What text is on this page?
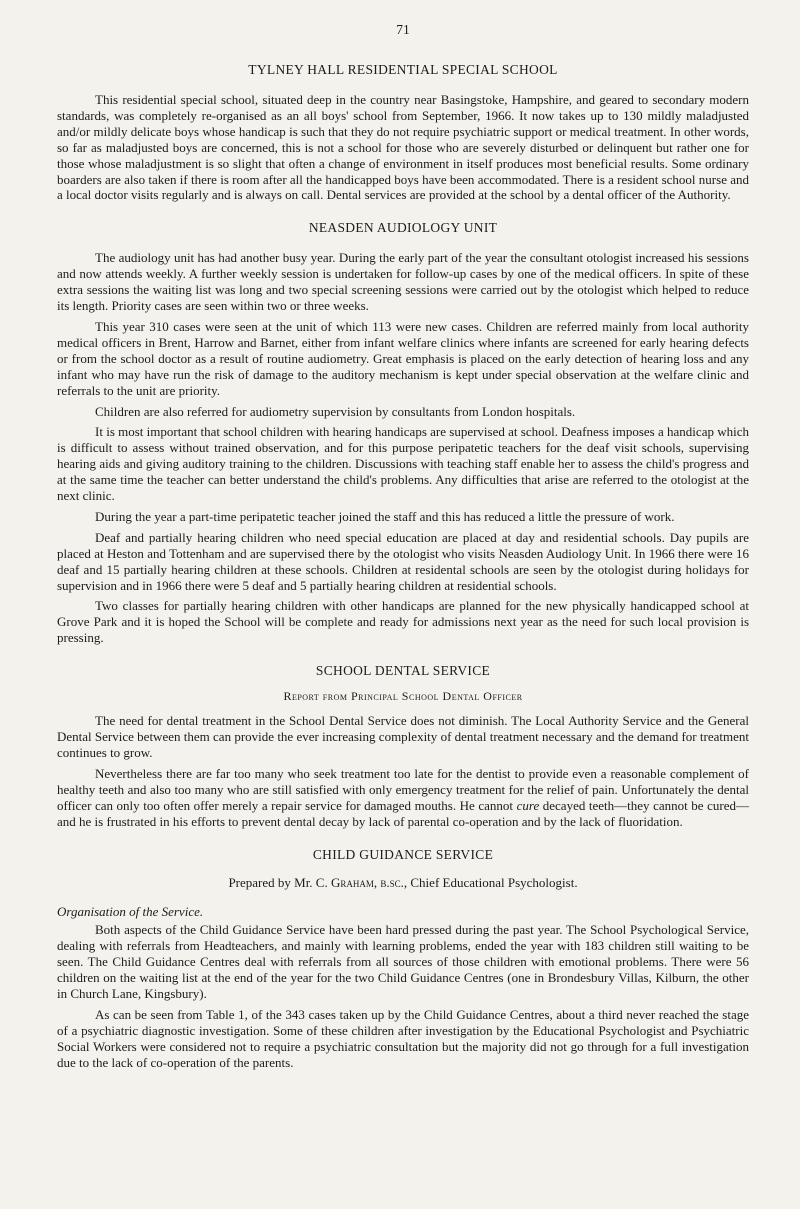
71
TYLNEY HALL RESIDENTIAL SPECIAL SCHOOL

This residential special school, situated deep in the country near Basingstoke, Hampshire, and geared to secondary modern standards, was completely re-organised as an all boys' school from September, 1966. It now takes up to 130 mildly maladjusted and/or mildly delicate boys whose handicap is such that they do not require psychiatric support or medical treatment. In other words, so far as maladjusted boys are concerned, this is not a school for those who are severely disturbed or delinquent but rather one for those whose maladjustment is so slight that often a change of environment in itself produces most beneficial results. Some ordinary boarders are also taken if there is room after all the handicapped boys have been accommodated. There is a resident school nurse and a local doctor visits regularly and is always on call. Dental services are provided at the school by a dental officer of the Authority.

NEASDEN AUDIOLOGY UNIT

The audiology unit has had another busy year. During the early part of the year the consultant otologist increased his sessions and now attends weekly. A further weekly session is undertaken for follow-up cases by one of the medical officers. In spite of these extra sessions the waiting list was long and two special screening sessions were carried out by the otologist which helped to reduce its length. Priority cases are seen within two or three weeks.

This year 310 cases were seen at the unit of which 113 were new cases. Children are referred mainly from local authority medical officers in Brent, Harrow and Barnet, either from infant welfare clinics where infants are screened for early hearing defects or from the school doctor as a result of routine audiometry. Great emphasis is placed on the early detection of hearing loss and any infant who may have run the risk of damage to the auditory mechanism is kept under special observation at the welfare clinic and referrals to the unit are priority.

Children are also referred for audiometry supervision by consultants from London hospitals.

It is most important that school children with hearing handicaps are supervised at school. Deafness imposes a handicap which is difficult to assess without trained observation, and for this purpose peripatetic teachers for the deaf visit schools, supervising hearing aids and giving auditory training to the children. Discussions with teaching staff enable her to assess the child's progress and at the same time the teacher can better understand the child's problems. Any difficulties that arise are referred to the otologist at the next clinic.

During the year a part-time peripatetic teacher joined the staff and this has reduced a little the pressure of work.

Deaf and partially hearing children who need special education are placed at day and residential schools. Day pupils are placed at Heston and Tottenham and are supervised there by the otologist who visits Neasden Audiology Unit. In 1966 there were 16 deaf and 15 partially hearing children at these schools. Children at residental schools are seen by the otologist during holidays for supervision and in 1966 there were 5 deaf and 5 partially hearing children at residential schools.

Two classes for partially hearing children with other handicaps are planned for the new physically handicapped school at Grove Park and it is hoped the School will be complete and ready for admissions next year as the need for such local provision is pressing.

SCHOOL DENTAL SERVICE
Report from Principal School Dental Officer

The need for dental treatment in the School Dental Service does not diminish. The Local Authority Service and the General Dental Service between them can provide the ever increasing complexity of dental treatment necessary and the demand for treatment continues to grow.

Nevertheless there are far too many who seek treatment too late for the dentist to provide even a reasonable complement of healthy teeth and also too many who are still satisfied with only emergency treatment for the relief of pain. Unfortunately the dental officer can only too often offer merely a repair service for damaged mouths. He cannot cure decayed teeth—they cannot be cured—and he is frustrated in his efforts to prevent dental decay by lack of parental co-operation and by the lack of fluoridation.

CHILD GUIDANCE SERVICE

Prepared by Mr. C. Graham, b.sc., Chief Educational Psychologist.

Organisation of the Service.

Both aspects of the Child Guidance Service have been hard pressed during the past year. The School Psychological Service, dealing with referrals from Headteachers, and mainly with learning problems, ended the year with 183 children still waiting to be seen. The Child Guidance Centres deal with referrals from all sources of those children with emotional problems. There were 56 children on the waiting list at the end of the year for the two Child Guidance Centres (one in Brondesbury Villas, Kilburn, the other in Church Lane, Kingsbury).

As can be seen from Table 1, of the 343 cases taken up by the Child Guidance Centres, about a third never reached the stage of a psychiatric diagnostic investigation. Some of these children after investigation by the Educational Psychologist and Psychiatric Social Workers were considered not to require a psychiatric consultation but the majority did not go through for a full investigation due to the lack of co-operation of the parents.
